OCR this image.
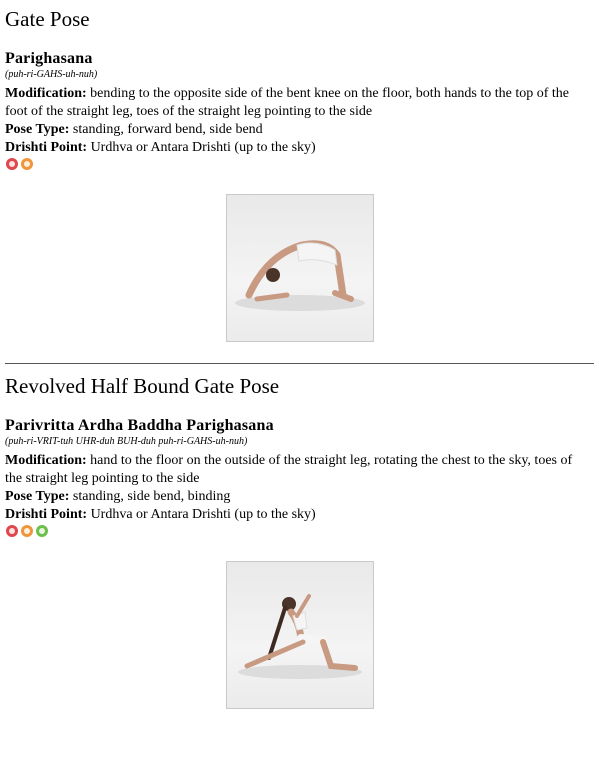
Gate Pose
Parighasana
(puh-ri-GAHS-uh-nuh)
Modification: bending to the opposite side of the bent knee on the floor, both hands to the top of the foot of the straight leg, toes of the straight leg pointing to the side
Pose Type: standing, forward bend, side bend
Drishti Point: Urdhva or Antara Drishti (up to the sky)
Revolved Half Bound Gate Pose
Parivritta Ardha Baddha Parighasana
(puh-ri-VRIT-tuh UHR-duh BUH-duh puh-ri-GAHS-uh-nuh)
Modification: hand to the floor on the outside of the straight leg, rotating the chest to the sky, toes of the straight leg pointing to the side
Pose Type: standing, side bend, binding
Drishti Point: Urdhva or Antara Drishti (up to the sky)
